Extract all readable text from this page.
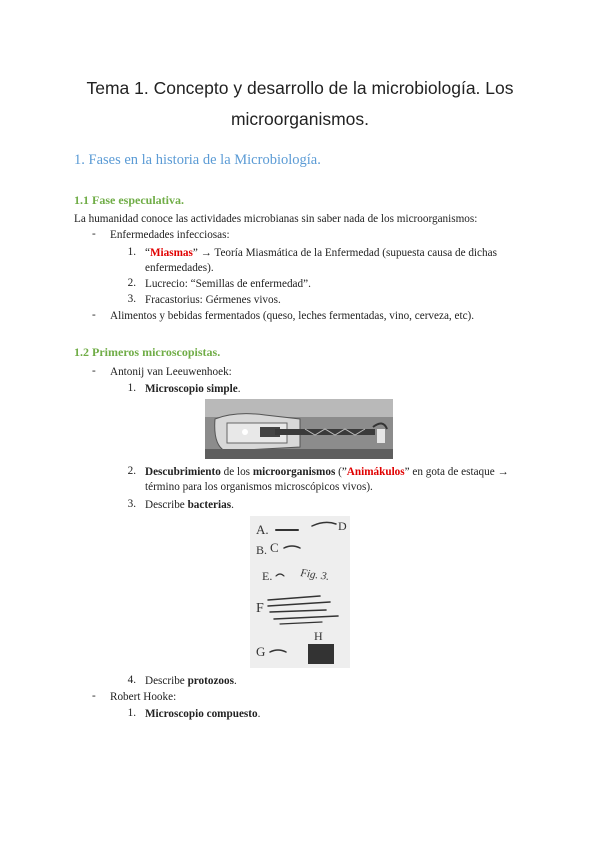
Tema 1. Concepto y desarrollo de la microbiología. Los microorganismos.
1. Fases en la historia de la Microbiología.
1.1 Fase especulativa.
La humanidad conoce las actividades microbianas sin saber nada de los microorganismos:
- Enfermedades infecciosas:
1. “Miasmas” → Teoría Miasmática de la Enfermedad (supuesta causa de dichas enfermedades).
2. Lucrecio: “Semillas de enfermedad”.
3. Fracastorius: Gérmenes vivos.
- Alimentos y bebidas fermentados (queso, leches fermentadas, vino, cerveza, etc).
1.2 Primeros microscopistas.
- Antonij van Leeuwenhoek:
1. Microscopio simple.
2. Descubrimiento de los microorganismos (”Animákulos” en gota de estaque → término para los organismos microscópicos vivos).
3. Describe bacterias.
A.	D
B. C
E. Fig. 3.
F
H
G
4. Describe protozoos.
- Robert Hooke:
1. Microscopio compuesto.
